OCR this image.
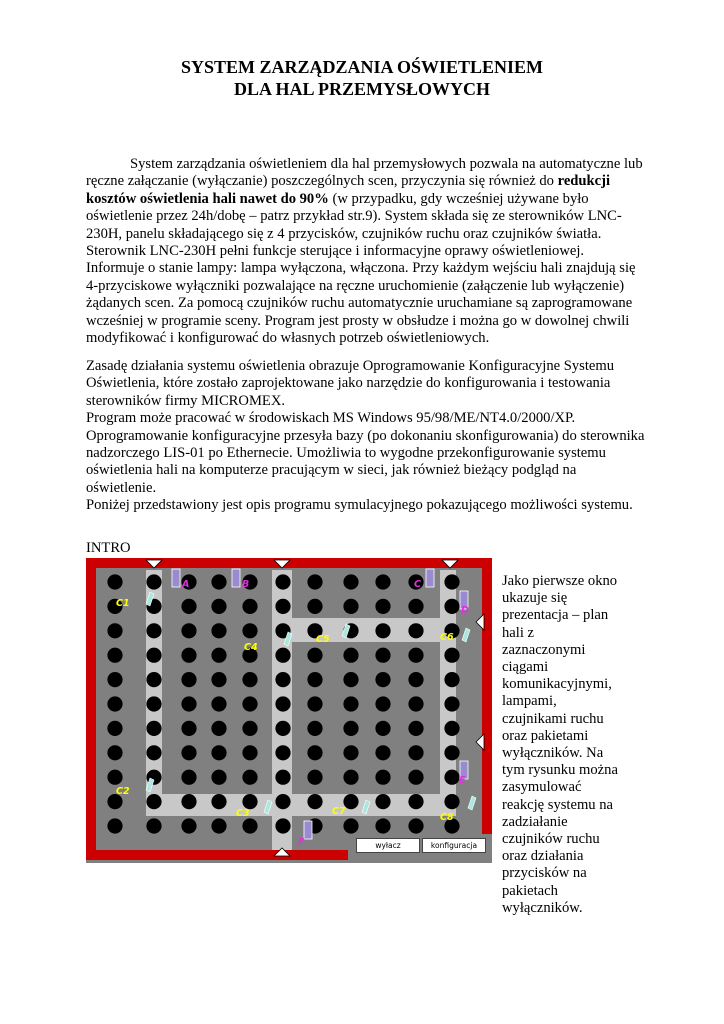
SYSTEM ZARZĄDZANIA OŚWIETLENIEM
DLA HAL PRZEMYSŁOWYCH

System zarządzania oświetleniem dla hal przemysłowych pozwala na automatyczne lub ręczne załączanie (wyłączanie) poszczególnych scen, przyczynia się również do redukcji kosztów oświetlenia hali nawet do 90% (w przypadku, gdy wcześniej używane było oświetlenie przez 24h/dobę – patrz przykład str.9). System składa się ze sterowników LNC-230H, panelu składającego się z 4 przycisków, czujników ruchu oraz czujników światła. Sterownik LNC-230H pełni funkcje sterujące i informacyjne oprawy oświetleniowej. Informuje o stanie lampy: lampa wyłączona, włączona. Przy każdym wejściu hali znajdują się 4-przyciskowe wyłączniki pozwalające na ręczne uruchomienie (załączenie lub wyłączenie) żądanych scen. Za pomocą czujników ruchu automatycznie uruchamiane są zaprogramowane wcześniej w programie sceny. Program jest prosty w obsłudze i można go w dowolnej chwili modyfikować i konfigurować do własnych potrzeb oświetleniowych.

Zasadę działania systemu oświetlenia obrazuje Oprogramowanie Konfiguracyjne Systemu Oświetlenia, które zostało zaprojektowane jako narzędzie do konfigurowania i testowania sterowników firmy MICROMEX.
Program może pracować w środowiskach MS Windows 95/98/ME/NT4.0/2000/XP.
Oprogramowanie konfiguracyjne przesyła bazy (po dokonaniu skonfigurowania) do sterownika nadzorczego LIS-01 po Ethernecie. Umożliwia to wygodne przekonfigurowanie systemu oświetlenia hali na komputerze pracującym w sieci, jak również bieżący podgląd na oświetlenie.
Poniżej przedstawiony jest opis programu symulacyjnego pokazującego możliwości systemu.

INTRO

A	B	C
D
E
F
C1
C2
C3
C4
C5	C6
C7
C8
wyłacz	konfiguracja

Jako pierwsze okno ukazuje się prezentacja – plan hali z zaznaczonymi ciągami komunikacyjnymi, lampami, czujnikami ruchu oraz pakietami wyłączników. Na tym rysunku można zasymulować reakcję systemu na zadziałanie czujników ruchu oraz działania przycisków na pakietach wyłączników.
